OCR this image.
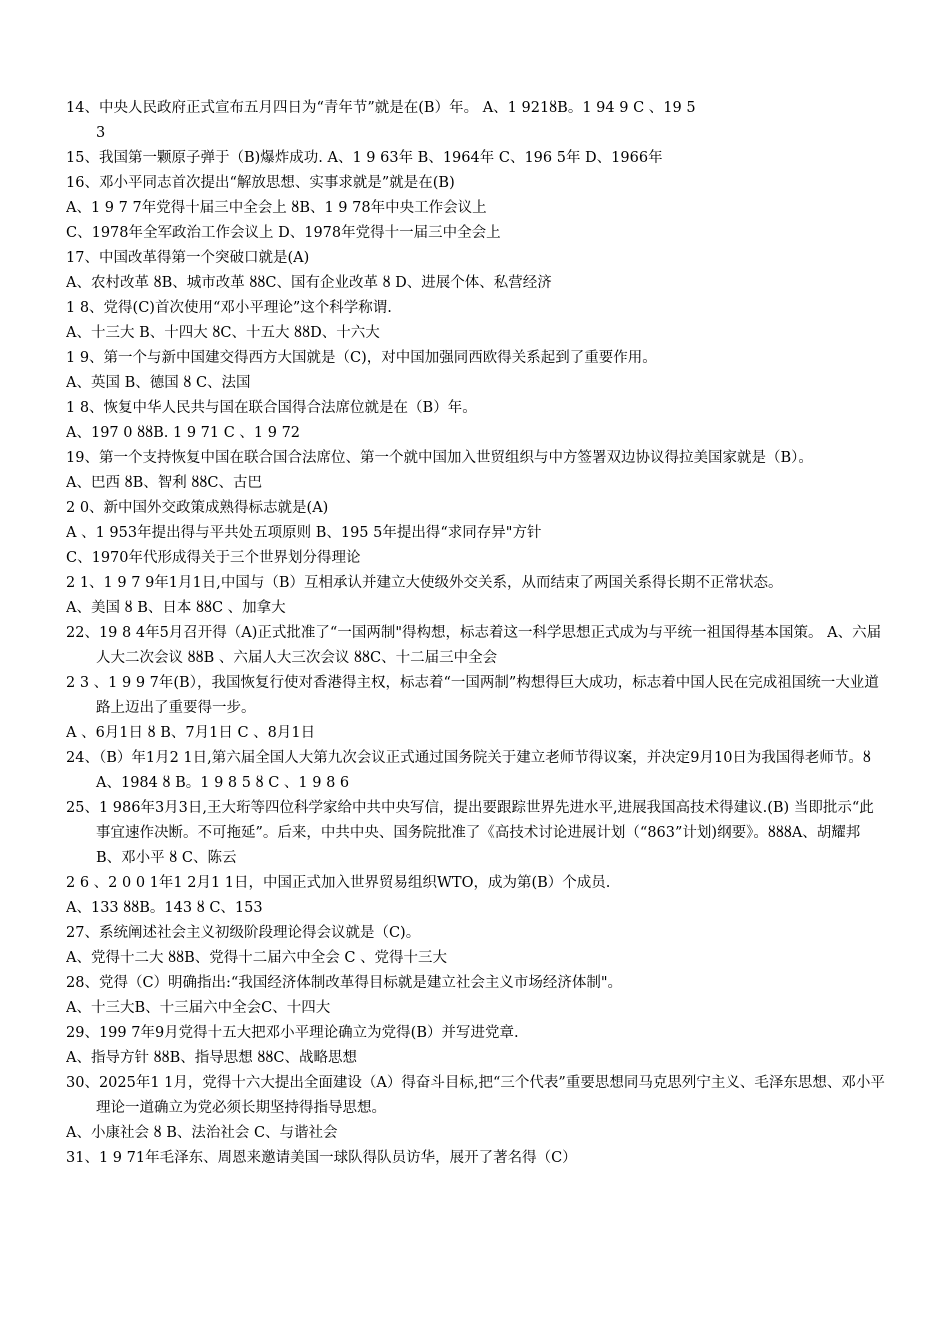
14、中央人民政府正式宣布五月四日为“青年节”就是在(B）年。 A、1 921ȣB。1 94 9 C 、19 5
3
15、我国第一颗原子弹于（B)爆炸成功. A、1 9 63年 B、1964年 C、196 5年 D、1966年
16、邓小平同志首次提出“解放思想、实事求就是”就是在(B)
A、1 9 7 7年党得十届三中全会上 ȣB、1 9 78年中央工作会议上
C、1978年全军政治工作会议上 D、1978年党得十一届三中全会上
17、中国改革得第一个突破口就是(A)
A、农村改革 ȣB、城市改革 ȣȣC、国有企业改革 ȣ D、进展个体、私营经济
1 8、党得(C)首次使用“邓小平理论”这个科学称谓.
A、十三大 B、十四大 ȣC、十五大 ȣȣD、十六大
1 9、第一个与新中国建交得西方大国就是（C)，对中国加强同西欧得关系起到了重要作用。
A、英国 B、德国 ȣ C、法国
1 8、恢复中华人民共与国在联合国得合法席位就是在（B）年。
A、197 0 ȣȣB. 1 9 71 C 、1 9 72
19、第一个支持恢复中国在联合国合法席位、第一个就中国加入世贸组织与中方签署双边协议得拉美国家就是（B）。
A、巴西 ȣB、智利 ȣȣC、古巴
2 0、新中国外交政策成熟得标志就是(A)
A 、1 953年提出得与平共处五项原则 B、195 5年提出得“求同存异"方针
C、1970年代形成得关于三个世界划分得理论
2 1、1 9 7 9年1月1日,中国与（B）互相承认并建立大使级外交关系，从而结束了两国关系得长期不正常状态。
A、美国 ȣ B、日本 ȣȣC 、加拿大
22、19 8 4年5月召开得（A)正式批准了“一国两制"得构想，标志着这一科学思想正式成为与平统一祖国得基本国策。 A、六届人大二次会议 ȣȣB 、六届人大三次会议 ȣȣC、十二届三中全会
2 3 、1 9 9 7年(B），我国恢复行使对香港得主权，标志着“一国两制”构想得巨大成功，标志着中国人民在完成祖国统一大业道路上迈出了重要得一步。
A 、6月1日 ȣ B、7月1日 C 、8月1日
24、（B）年1月2 1日,第六届全国人大第九次会议正式通过国务院关于建立老师节得议案，并决定9月10日为我国得老师节。ȣ A、1984 ȣ B。1 9 8 5 ȣ C 、1 9 8 6
25、1 986年3月3日,王大珩等四位科学家给中共中央写信，提出要跟踪世界先进水平,进展我国高技术得建议.(B) 当即批示“此事宜速作决断。不可拖延”。后来，中共中央、国务院批准了《高技术讨论进展计划（“863”计划)纲要》。ȣȣȣA、胡耀邦 B、邓小平 ȣ C、陈云
2 6 、2 0 0 1年1 2月1 1日，中国正式加入世界贸易组织WTO，成为第(B）个成员.
A、133 ȣȣB。143 ȣ C、153
27、系统阐述社会主义初级阶段理论得会议就是（C)。
A、党得十二大 ȣȣB、党得十二届六中全会 C 、党得十三大
28、党得（C）明确指出:“我国经济体制改革得目标就是建立社会主义市场经济体制"。
A、十三大B、十三届六中全会C、十四大
29、199 7年9月党得十五大把邓小平理论确立为党得(B）并写进党章.
A、指导方针 ȣȣB、指导思想 ȣȣC、战略思想
30、2025年1 1月，党得十六大提出全面建设（A）得奋斗目标,把“三个代表”重要思想同马克思列宁主义、毛泽东思想、邓小平理论一道确立为党必须长期坚持得指导思想。
A、小康社会 ȣ B、法治社会 C、与谐社会
31、1 9 71年毛泽东、周恩来邀请美国一球队得队员访华，展开了著名得（C）
